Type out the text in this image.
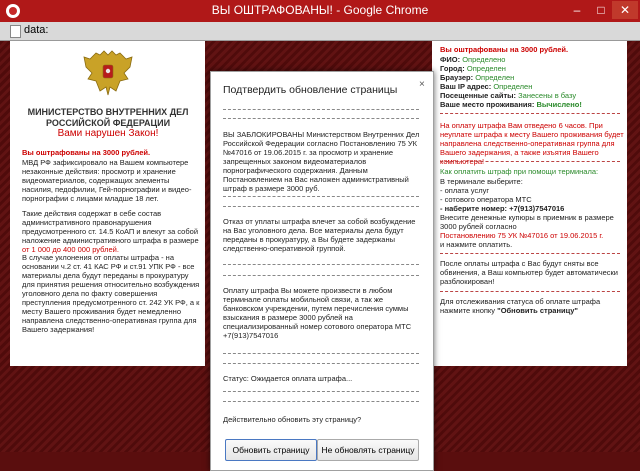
ВЫ ОШТРАФОВАНЫ! - Google Chrome	–	□	✕
data:
МИНИСТЕРСТВО ВНУТРЕННИХ ДЕЛ РОССИЙСКОЙ ФЕДЕРАЦИИ
Вами нарушен Закон!
Вы оштрафованы на 3000 рублей.
МВД РФ зафиксировало на Вашем компьютере незаконные действия: просмотр и хранение видеоматериалов, содержащих элементы насилия, педофилии, Гей-порнографии и видео-порнографии с лицами младше 18 лет.
Такие действия содержат в себе состав административного правонарушения предусмотренного ст. 14.5 КоАП и влекут за собой наложение административного штрафа в размере от 1 000 до 400 000 рублей.
В случае уклонения от оплаты штрафа - на основании ч.2 ст. 41 КАС РФ и ст.91 УПК РФ - все материалы дела будут переданы в прокуратуру для принятия решения относительно возбуждения уголовного дела по факту совершения преступления предусмотренного ст. 242 УК РФ, а к месту Вашего проживания будет немедленно направлена следственно-оперативная группа для Вашего задержания!
Вы оштрафованы на 3000 рублей.
ФИО: Определено
Город: Определен
Браузер: Определен
Ваш IP адрес: Определен
Посещенные сайты: Занесены в базу
Ваше место проживания: Вычислено!
На оплату штрафа Вам отведено 6 часов. При неуплате штрафа к месту Вашего проживания будет направлена следственно-оперативная группа для Вашего задержания, а также изъятия Вашего компьютера!
Как оплатить штраф при помощи терминала:
В терминале выберите:
- оплата услуг
- сотового оператора МТС
- наберите номер: +7(913)7547016
Внесите денежные купюры в приемник в размере 3000 рублей согласно
Постановлению 75 УК №47016 от 19.06.2015 г.
и нажмите оплатить.
После оплаты штрафа с Вас будут сняты все обвинения, а Ваш компьютер будет автоматически разблокирован!
Для отслеживания статуса об оплате штрафа нажмите кнопку "Обновить страницу"
Подтвердить обновление страницы ×
ВЫ ЗАБЛОКИРОВАНЫ Министерством Внутренних Дел Российской Федерации согласно Постановлению 75 УК №47016 от 19.06.2015 г. за просмотр и хранение запрещенных законом видеоматериалов порнографического содержания. Данным Постановлением на Вас наложен административный штраф в размере 3000 руб.
Отказ от уплаты штрафа влечет за собой возбуждение на Вас уголовного дела. Все материалы дела будут переданы в прокуратуру, а Вы будете задержаны следственно-оперативной группой.
Оплату штрафа Вы можете произвести в любом терминале оплаты мобильной связи, а так же банковском учреждении, путем перечисления суммы взыскания в размере 3000 рублей на специализированный номер сотового оператора МТС +7(913)7547016
Статус: Ожидается оплата штрафа...
Действительно обновить эту страницу?
Обновить страницу	Не обновлять страницу
